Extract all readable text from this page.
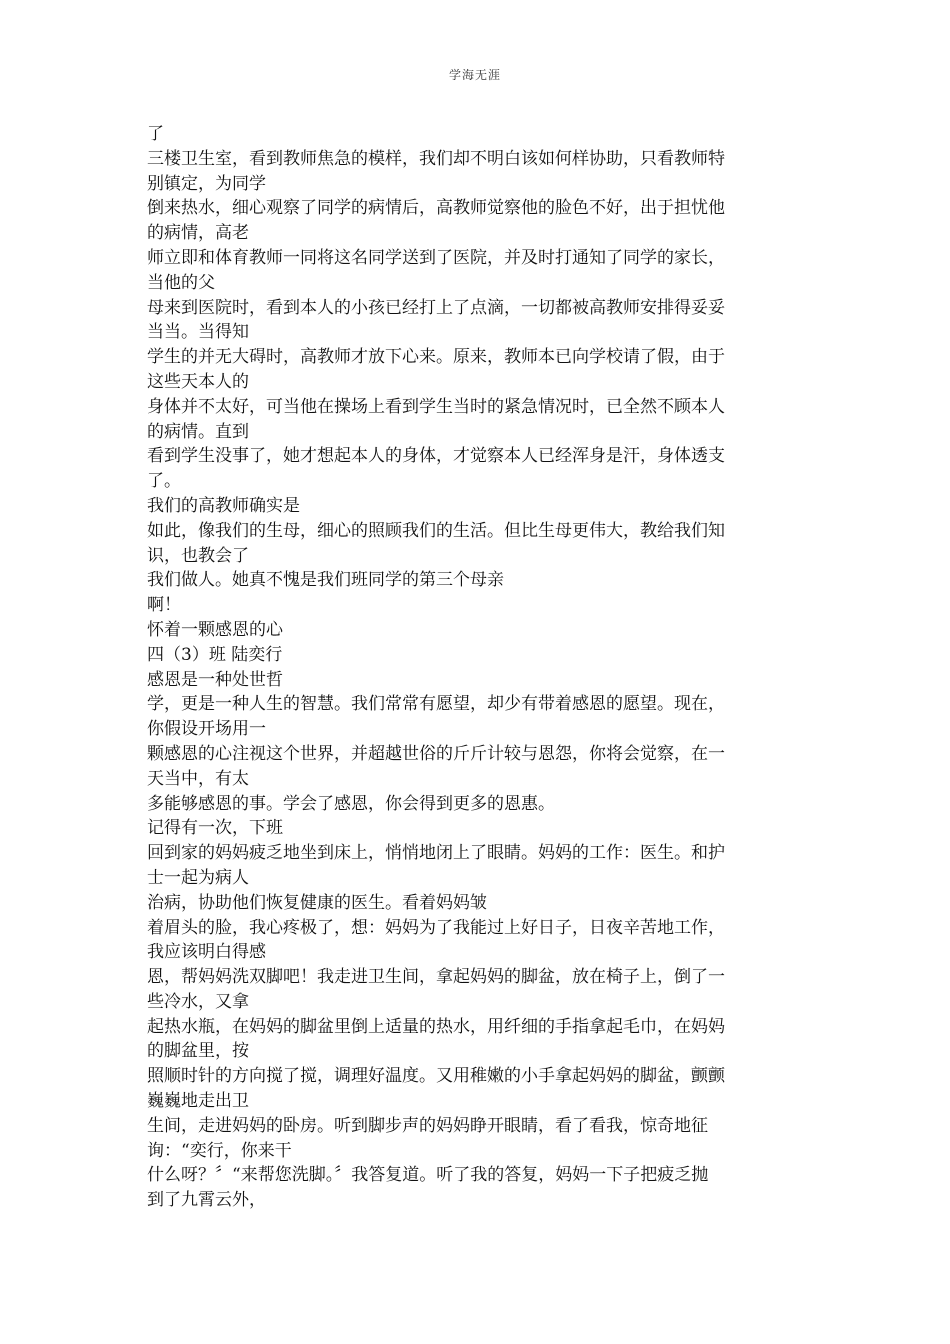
学海无涯
了
三楼卫生室，看到教师焦急的模样，我们却不明白该如何样协助，只看教师特
别镇定，为同学
倒来热水，细心观察了同学的病情后，高教师觉察他的脸色不好，出于担忧他
的病情，高老
师立即和体育教师一同将这名同学送到了医院，并及时打通知了同学的家长，
当他的父
母来到医院时，看到本人的小孩已经打上了点滴，一切都被高教师安排得妥妥
当当。当得知
学生的并无大碍时，高教师才放下心来。原来，教师本已向学校请了假，由于
这些天本人的
身体并不太好，可当他在操场上看到学生当时的紧急情况时，已全然不顾本人
的病情。直到
看到学生没事了，她才想起本人的身体，才觉察本人已经浑身是汗，身体透支
了。
我们的高教师确实是
如此，像我们的生母，细心的照顾我们的生活。但比生母更伟大，教给我们知
识，也教会了
我们做人。她真不愧是我们班同学的第三个母亲
啊！
怀着一颗感恩的心
四（3）班 陆奕行
感恩是一种处世哲
学，更是一种人生的智慧。我们常常有愿望，却少有带着感恩的愿望。现在，
你假设开场用一
颗感恩的心注视这个世界，并超越世俗的斤斤计较与恩怨，你将会觉察，在一
天当中，有太
多能够感恩的事。学会了感恩，你会得到更多的恩惠。
记得有一次，下班
回到家的妈妈疲乏地坐到床上，悄悄地闭上了眼睛。妈妈的工作：医生。和护
士一起为病人
治病，协助他们恢复健康的医生。看着妈妈皱
着眉头的脸，我心疼极了，想：妈妈为了我能过上好日子，日夜辛苦地工作，
我应该明白得感
恩，帮妈妈洗双脚吧！我走进卫生间，拿起妈妈的脚盆，放在椅子上，倒了一
些冷水，又拿
起热水瓶，在妈妈的脚盆里倒上适量的热水，用纤细的手指拿起毛巾，在妈妈
的脚盆里，按
照顺时针的方向搅了搅，调理好温度。又用稚嫩的小手拿起妈妈的脚盆，颤颤
巍巍地走出卫
生间，走进妈妈的卧房。听到脚步声的妈妈睁开眼睛，看了看我，惊奇地征
询：“奕行，你来干
什么呀？〞“来帮您洗脚。〞我答复道。听了我的答复，妈妈一下子把疲乏抛
到了九霄云外，
